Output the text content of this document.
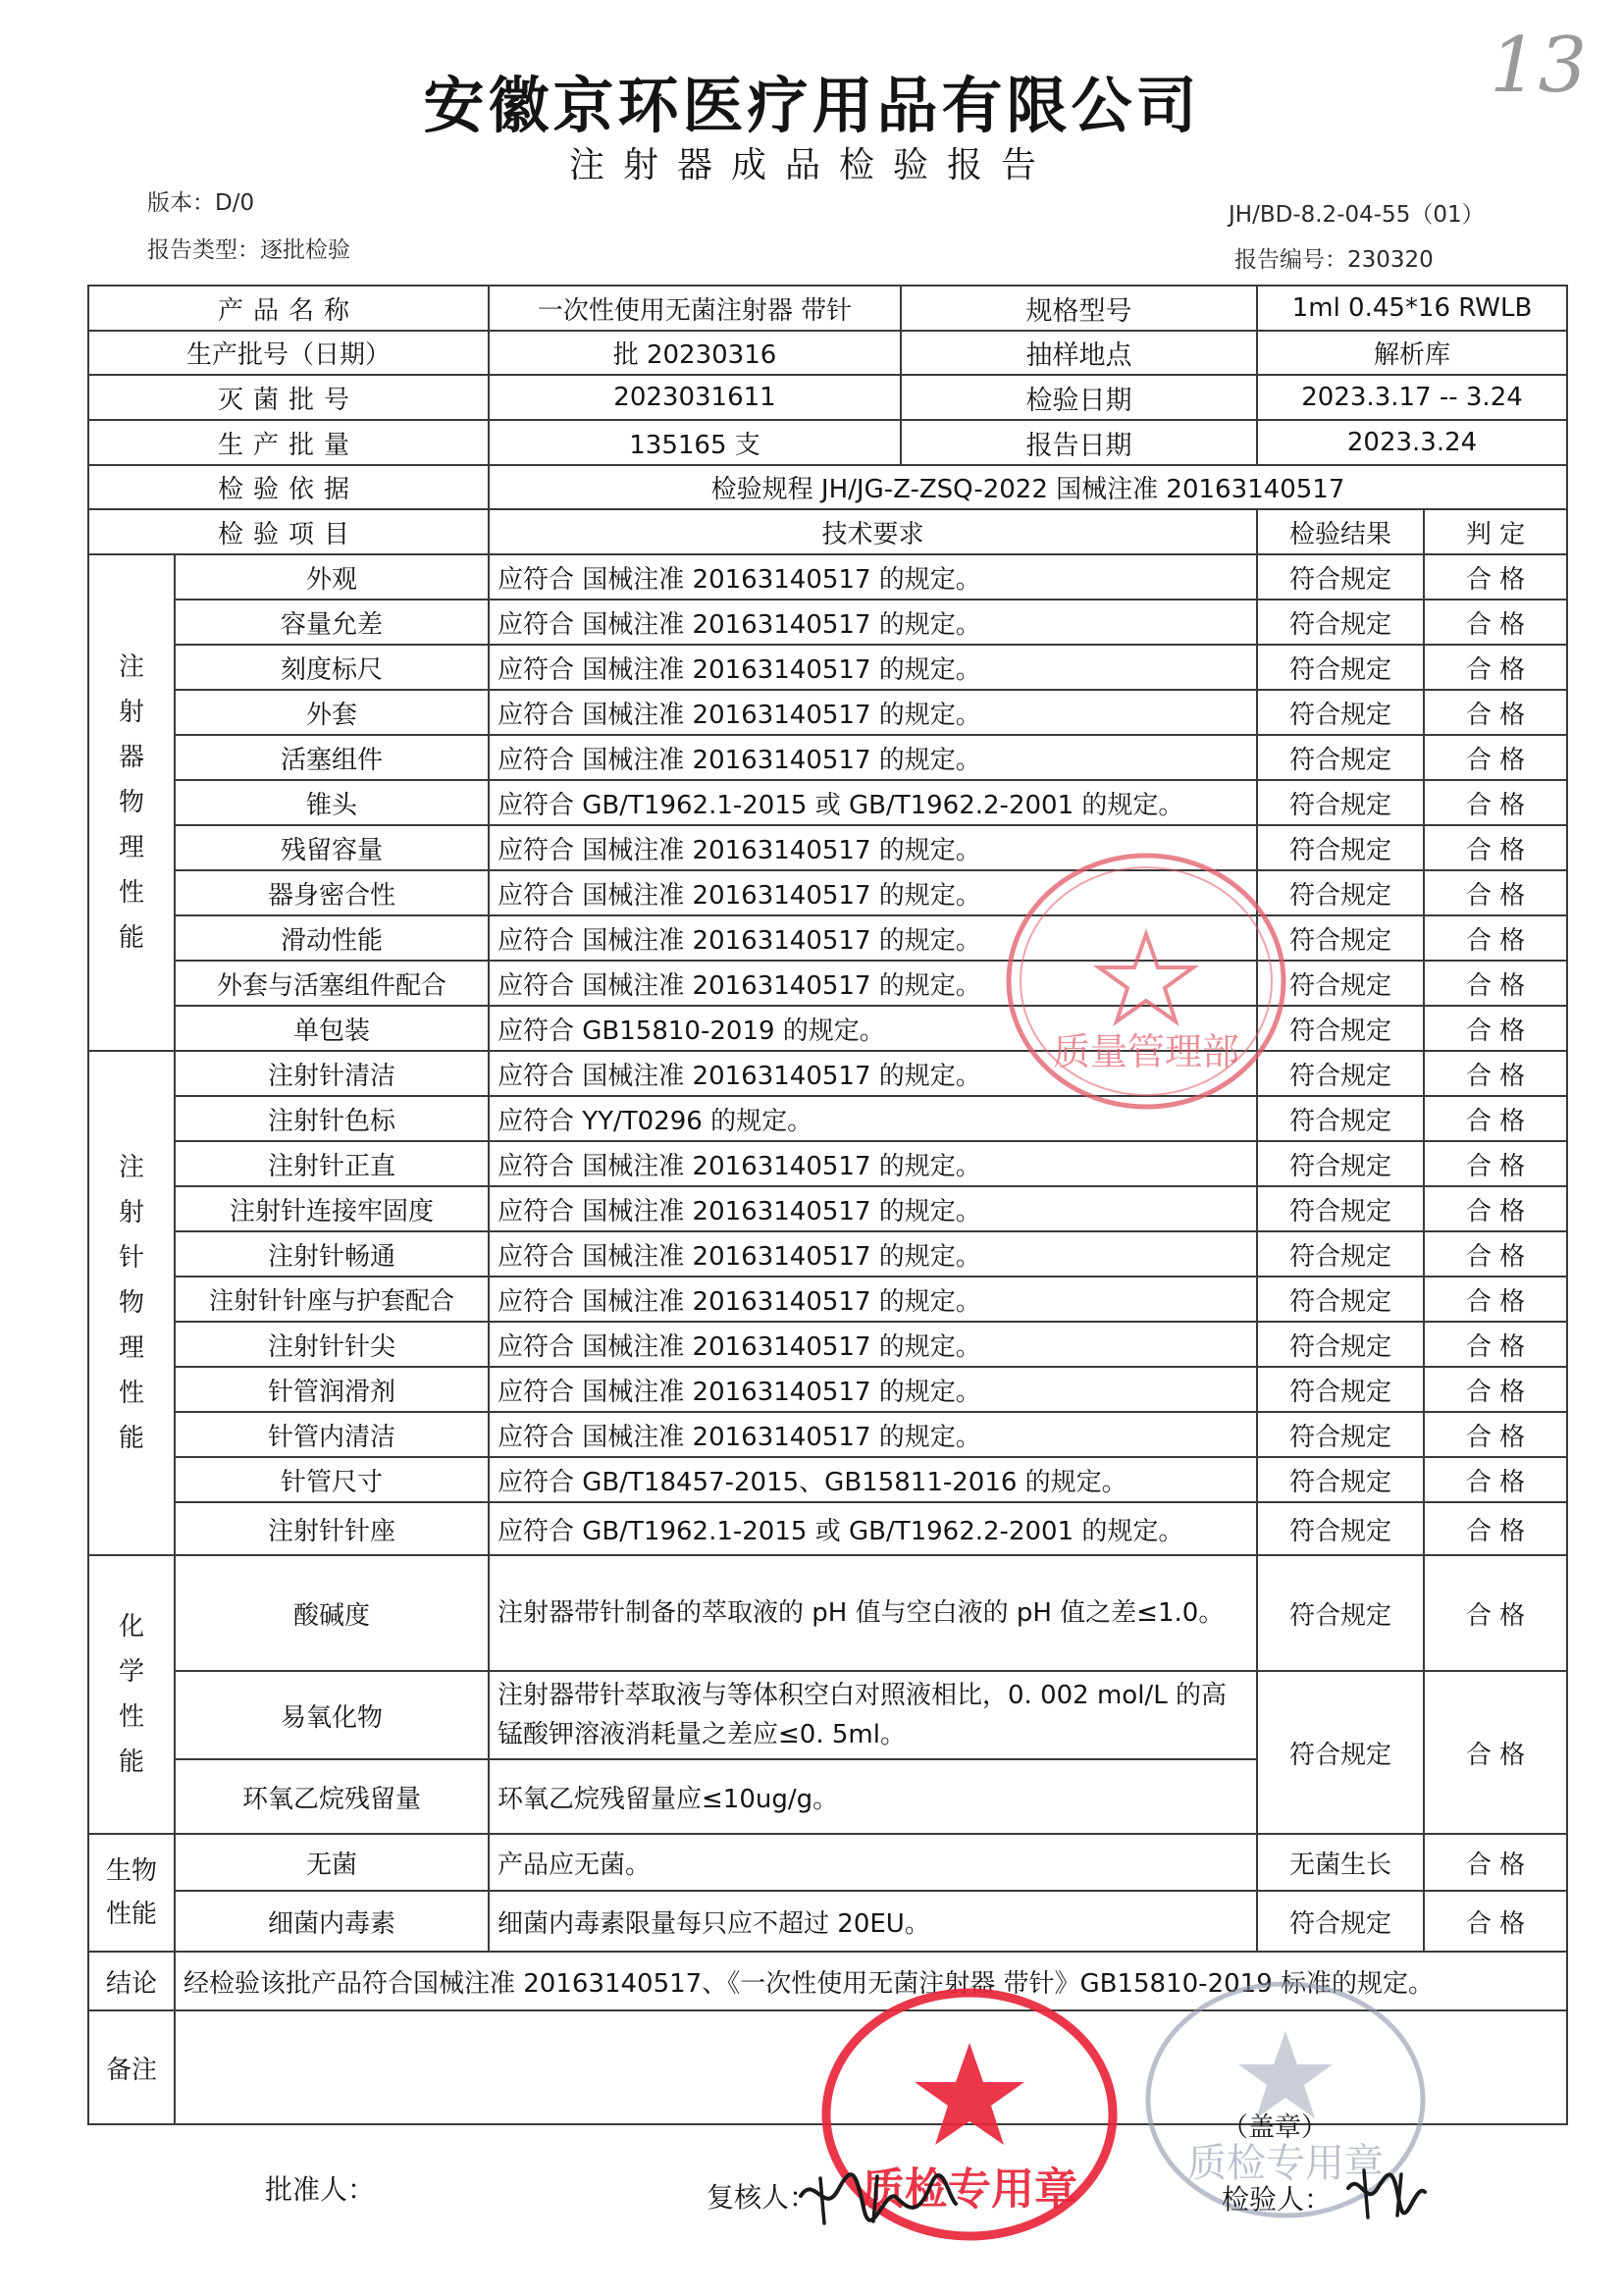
13
安徽京环医疗用品有限公司
注射器成品检验报告
版本：D/0
报告类型：逐批检验
JH/BD-8.2-04-55（01）
报告编号：230320
产品名称		一次性使用无菌注射器 带针	规格型号	1ml 0.45*16 RWLB	
生产批号（日期）		批 20230316	抽样地点	解析库	
灭菌批号		2023031611	检验日期	2023.3.17 -- 3.24	
生产批量		135165 支	报告日期	2023.3.24	
检验依据		检验规程 JH/JG-Z-ZSQ-2022 国械注准 20163140517			
检验项目		技术要求		检验结果	判 定

注射器物理性能	外观	应符合 国械注准 20163140517 的规定。		符合规定	合 格
	容量允差	应符合 国械注准 20163140517 的规定。		符合规定	合 格
	刻度标尺	应符合 国械注准 20163140517 的规定。		符合规定	合 格
	外套	应符合 国械注准 20163140517 的规定。		符合规定	合 格
	活塞组件	应符合 国械注准 20163140517 的规定。		符合规定	合 格
	锥头	应符合 GB/T1962.1-2015 或 GB/T1962.2-2001 的规定。		符合规定	合 格
	残留容量	应符合 国械注准 20163140517 的规定。		符合规定	合 格
	器身密合性	应符合 国械注准 20163140517 的规定。		符合规定	合 格
	滑动性能	应符合 国械注准 20163140517 的规定。		符合规定	合 格
	外套与活塞组件配合	应符合 国械注准 20163140517 的规定。		符合规定	合 格
	单包装	应符合 GB15810-2019 的规定。		符合规定	合 格

注射针物理性能	注射针清洁	应符合 国械注准 20163140517 的规定。		符合规定	合 格
	注射针色标	应符合 YY/T0296 的规定。		符合规定	合 格
	注射针正直	应符合 国械注准 20163140517 的规定。		符合规定	合 格
	注射针连接牢固度	应符合 国械注准 20163140517 的规定。		符合规定	合 格
	注射针畅通	应符合 国械注准 20163140517 的规定。		符合规定	合 格
	注射针针座与护套配合	应符合 国械注准 20163140517 的规定。		符合规定	合 格
	注射针针尖	应符合 国械注准 20163140517 的规定。		符合规定	合 格
	针管润滑剂	应符合 国械注准 20163140517 的规定。		符合规定	合 格
	针管内清洁	应符合 国械注准 20163140517 的规定。		符合规定	合 格
	针管尺寸	应符合 GB/T18457-2015、GB15811-2016 的规定。		符合规定	合 格
	注射针针座	应符合 GB/T1962.1-2015 或 GB/T1962.2-2001 的规定。		符合规定	合 格

化学性能	酸碱度	注射器带针制备的萃取液的 pH 值与空白液的 pH 值之差≤1.0。		符合规定	合 格
	易氧化物	注射器带针萃取液与等体积空白对照液相比，0. 002 mol/L 的高锰酸钾溶液消耗量之差应≤0. 5ml。		符合规定	合 格
	环氧乙烷残留量	环氧乙烷残留量应≤10ug/g。			

生物性能	无菌	产品应无菌。		无菌生长	合 格
	细菌内毒素	细菌内毒素限量每只应不超过 20EU。		符合规定	合 格
结论	经检验该批产品符合国械注准 20163140517、《一次性使用无菌注射器 带针》GB15810-2019 标准的规定。				
备注					
（盖章）
质量管理部
质检专用章
质检专用章
批准人：	复核人：	检验人：
